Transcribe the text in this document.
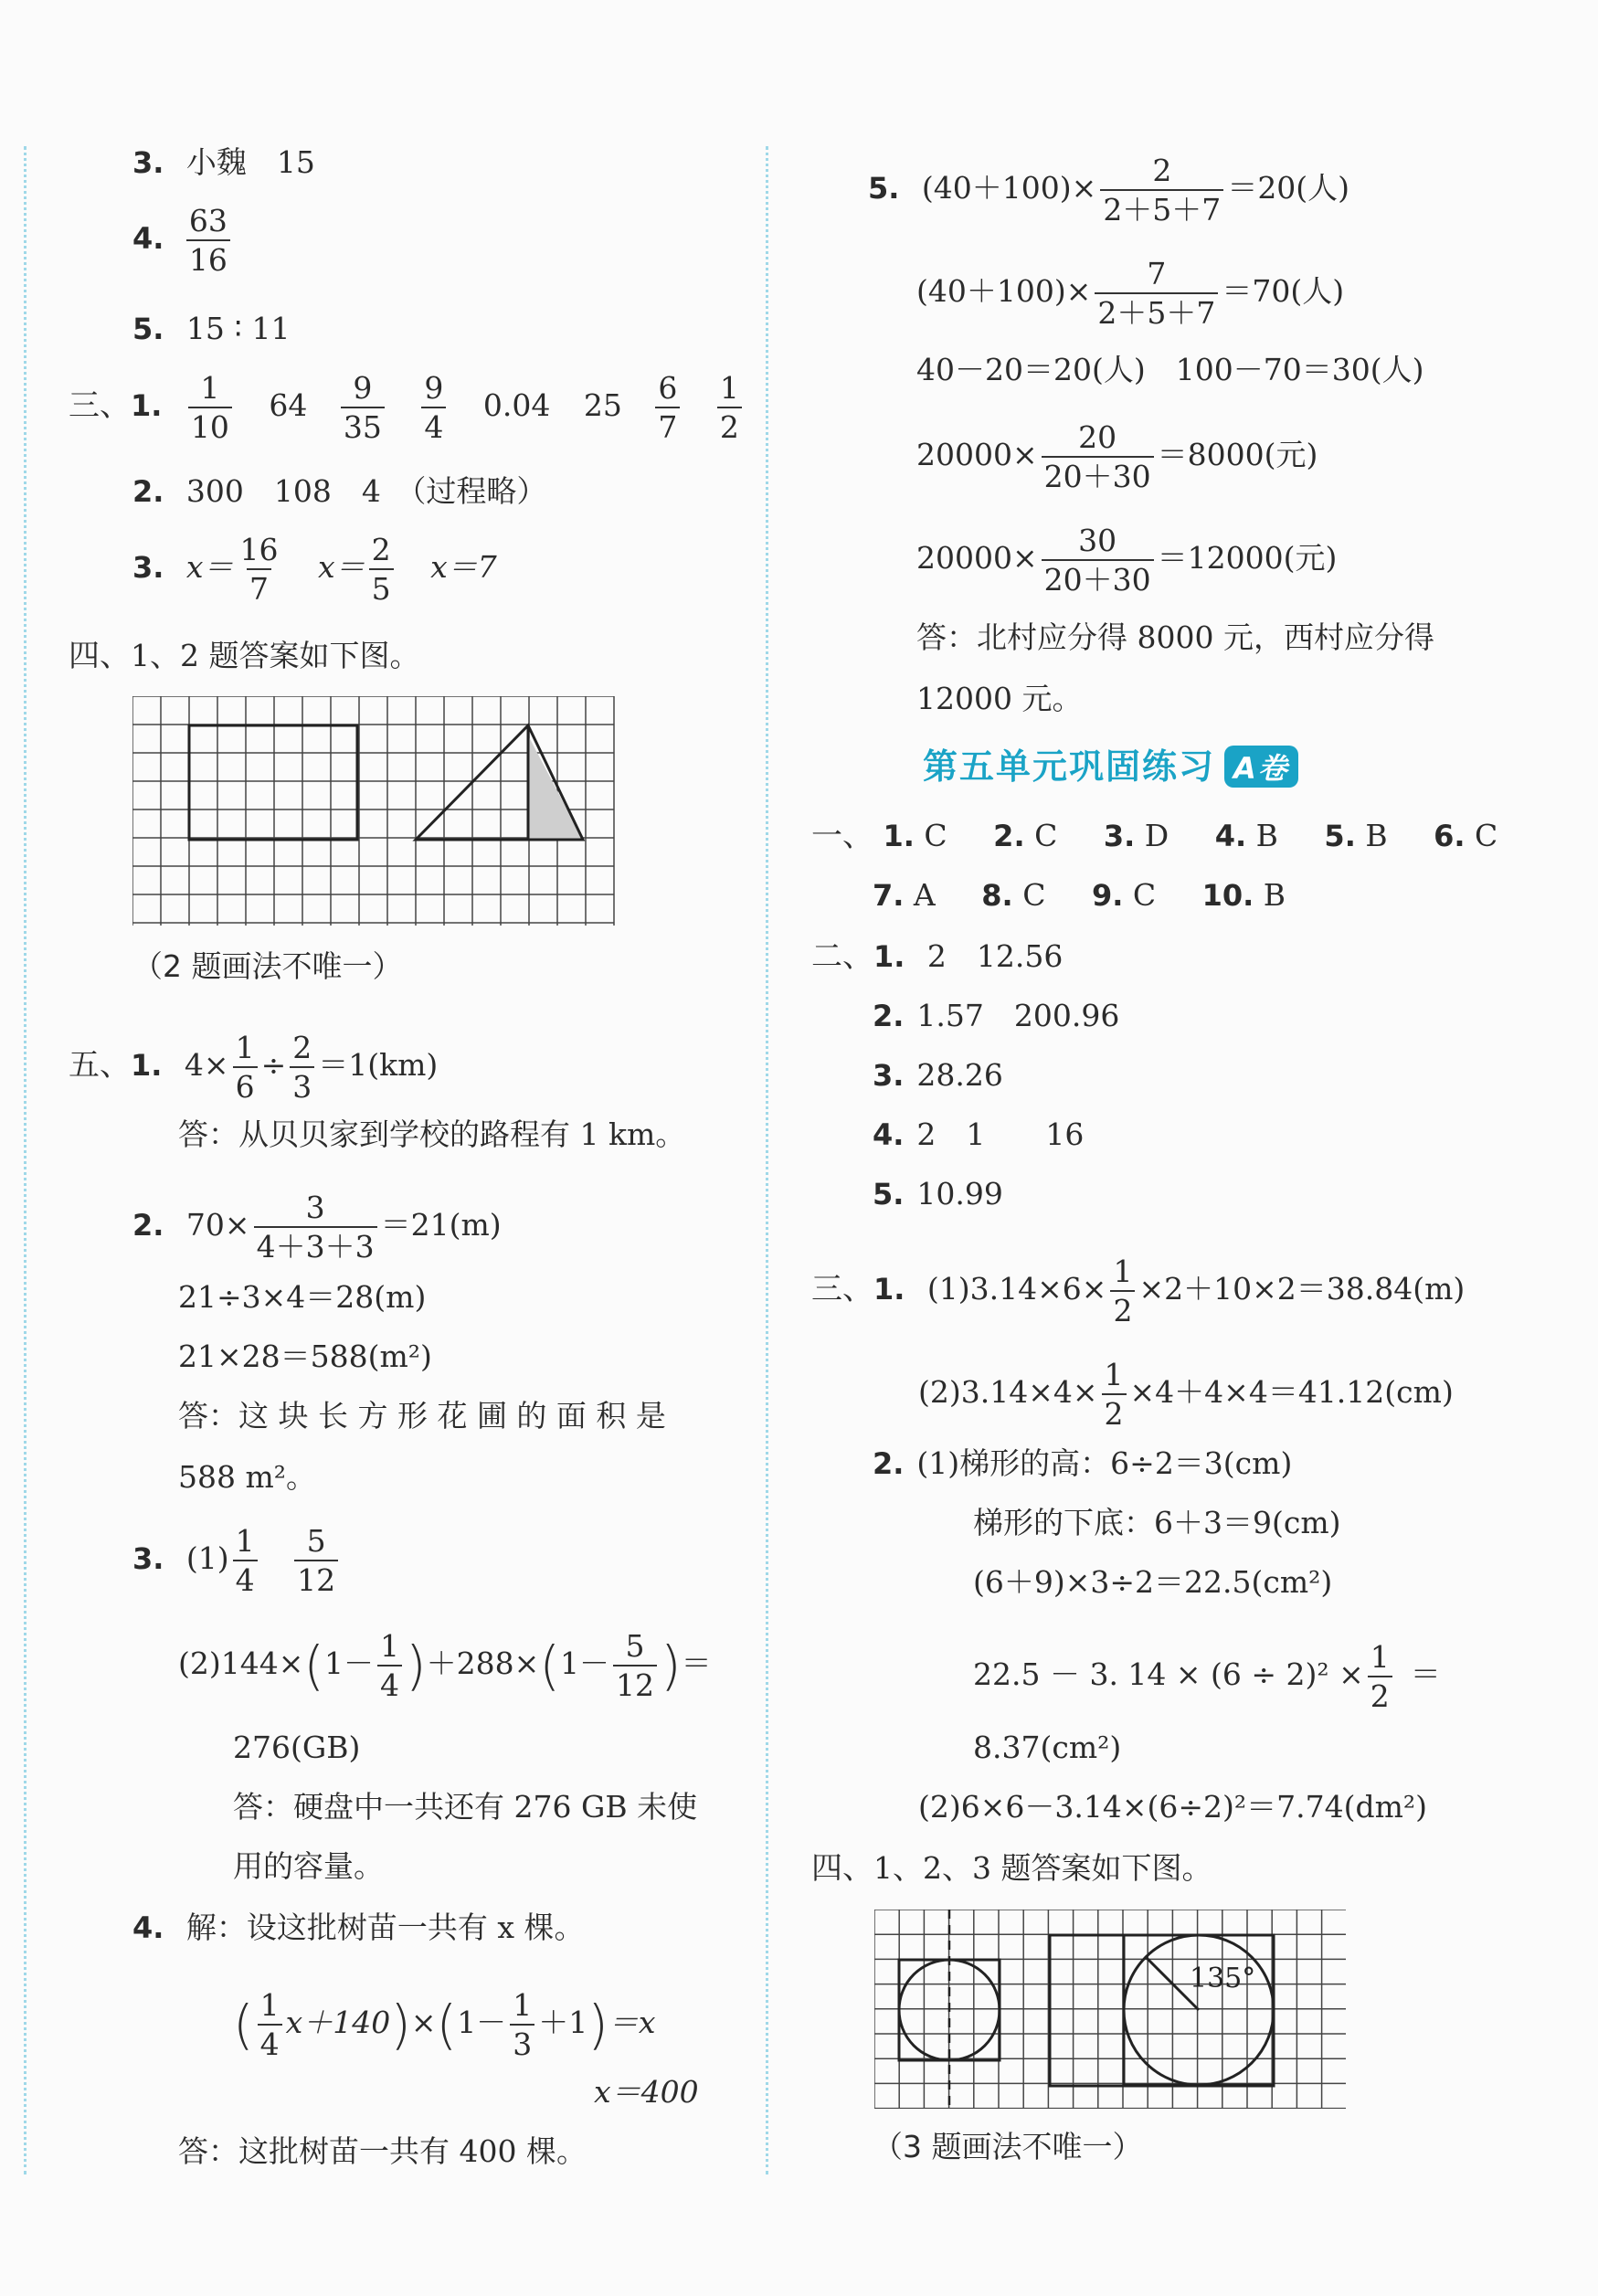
3. 小魏　15
4. $\frac{63}{16}$
5. 15 ∶ 11
三、1. $\frac{1}{10} 64 \frac{9}{35}$
$\frac{9}{4} 0.04$ $25 \frac{6}{7}$
$\frac{1}{2}$
2. 300　108　4　（过程略）
3. $x= \frac{16}{7} x= \frac{2}{5} x=7$
四、1、2 题答案如下图。
（2 题画法不唯一）
五、1. $4\times \frac{1}{6} \div \frac{2}{3} =1(km)$
答：从贝贝家到学校的路程有 1 km。
2. $70\times \frac{3}{4+3+3} =21(m)$
21÷3×4＝28(m)
21×28＝588(m²)
答：这 块 长 方 形 花 圃 的 面 积 是
588 m²。
3. $(1) \frac{1}{4}$
$\frac{5}{12}$
$(2)144\times(1- \frac{1}{4} )+288\times(1- \frac{5}{12}$ )＝
276(GB)
答：硬盘中一共还有 276 GB 未使
用的容量。
4. 解：设这批树苗一共有 x 棵。
( $\frac{1}{4} x+140)\times(1- \frac{1}{3} +1)=x$
x＝400
答：这批树苗一共有 400 棵。
5. $(40+100)\times \frac{2}{2+5+7} =20$(人)
$(40+100)\times \frac{7}{2+5+7} =70$(人)
40－20＝20(人)　100－70＝30(人)
$20000\times \frac{20}{20+30} =8000$(元)
$20000\times \frac{30}{20+30} =12000$(元)
答：北村应分得 8000 元，西村应分得
12000 元。
第五单元巩固练习 A卷
一、 1. C 2. C 3. D 4. B 5. B 6. C
7. A 8. C 9. C 10. B
二、1. 2　12.56
2. 1.57　200.96
3. 28.26
4. 2　1　　16
5. 10.99
三、1. $(1)3.14\times 6\times \frac{1}{2} \times 2+10\times 2=38.84(m)$
$(2)3.14\times 4\times \frac{1}{2} \times 4+4\times 4=41.12(cm)$
2. (1)梯形的高：6÷2＝3(cm)
梯形的下底：6＋3＝9(cm)
(6＋9)×3÷2＝22.5(cm²)
22.5 － 3. $14 \times (6 \div 2)^2 \times \frac{1}{2}$ ＝
8.37(cm²)
(2)6×6－3.14×(6÷2)²＝7.74(dm²)
四、1、2、3 题答案如下图。
135°
（3 题画法不唯一）
